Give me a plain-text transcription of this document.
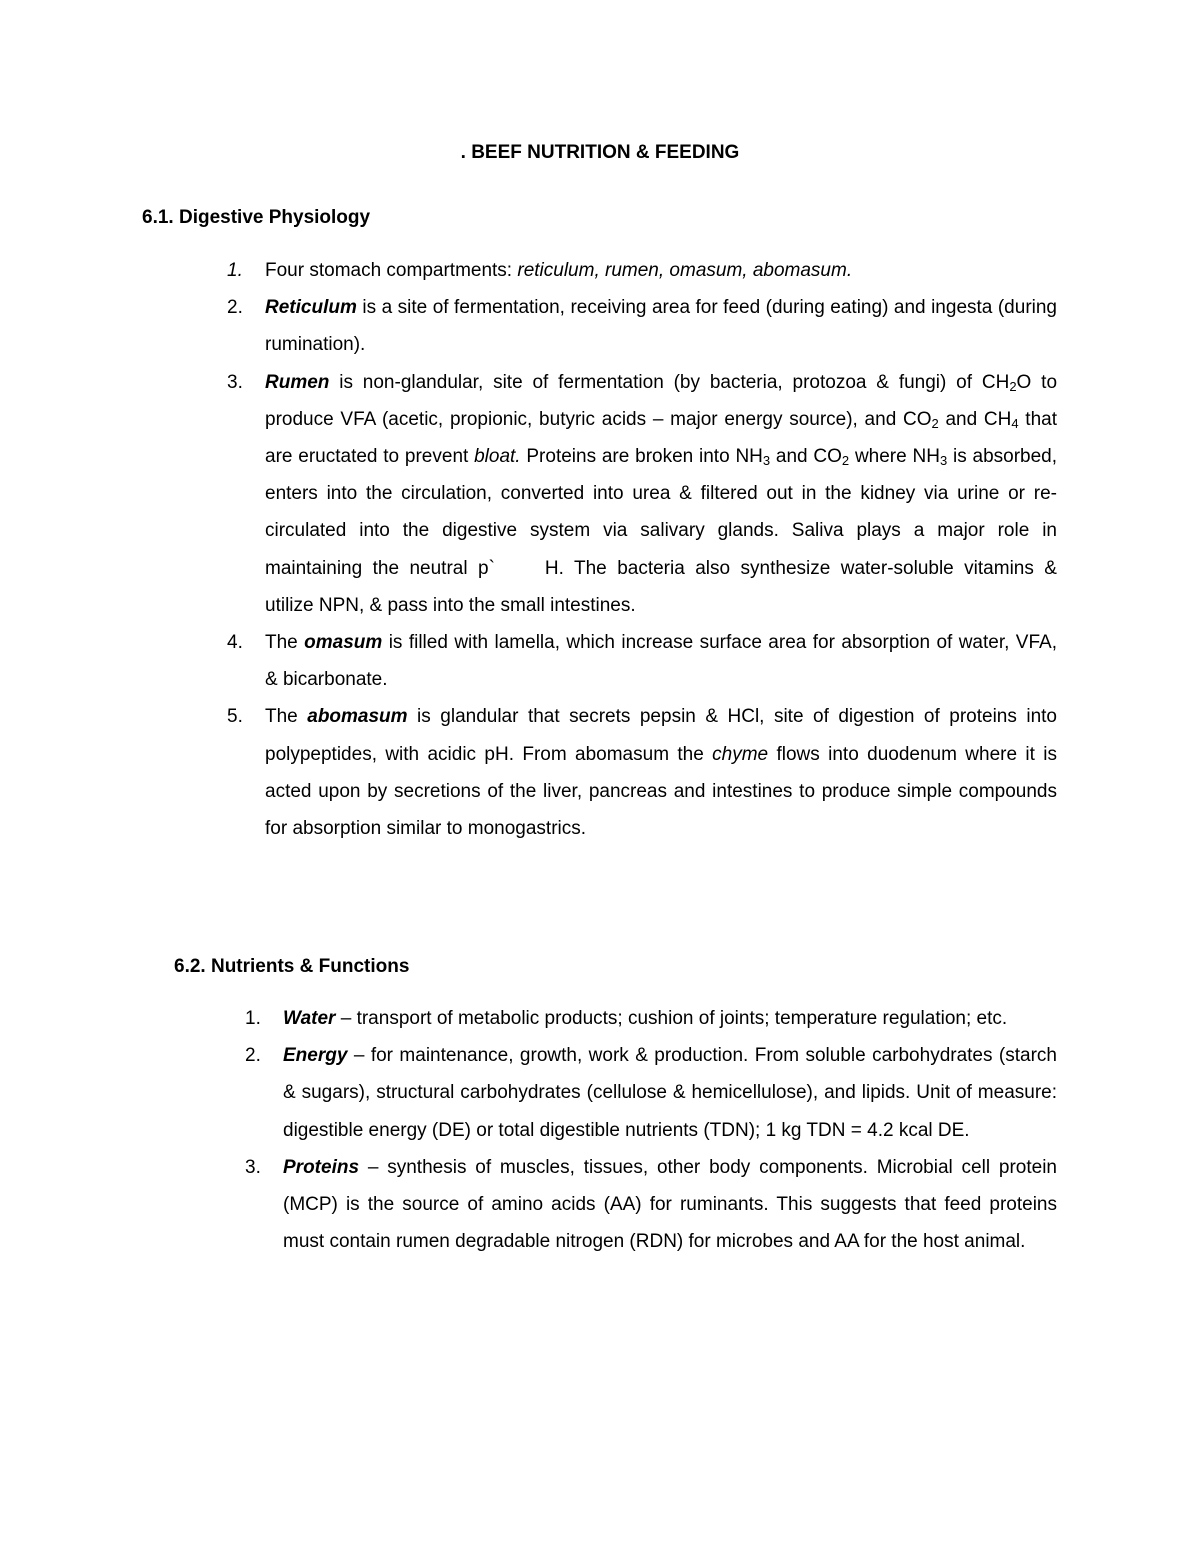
. BEEF NUTRITION & FEEDING
6.1. Digestive Physiology
1. Four stomach compartments: reticulum, rumen, omasum, abomasum.
2. Reticulum is a site of fermentation, receiving area for feed (during eating) and ingesta (during rumination).
3. Rumen is non-glandular, site of fermentation (by bacteria, protozoa & fungi) of $CH_2O$ to produce VFA (acetic, propionic, butyric acids – major energy source), and $CO_2$ and $CH_4$ that are eructated to prevent bloat. Proteins are broken into $NH_3$ and $CO_2$ where $NH_3$ is absorbed, enters into the circulation, converted into urea & filtered out in the kidney via urine or re-circulated into the digestive system via salivary glands. Saliva plays a major role in maintaining the neutral p`	H. The bacteria also synthesize water-soluble vitamins & utilize NPN, & pass into the small intestines.
4. The omasum is filled with lamella, which increase surface area for absorption of water, VFA, & bicarbonate.
5. The abomasum is glandular that secrets pepsin & HCl, site of digestion of proteins into polypeptides, with acidic pH. From abomasum the chyme flows into duodenum where it is acted upon by secretions of the liver, pancreas and intestines to produce simple compounds for absorption similar to monogastrics.
6.2. Nutrients & Functions
1. Water – transport of metabolic products; cushion of joints; temperature regulation; etc.
2. Energy – for maintenance, growth, work & production. From soluble carbohydrates (starch & sugars), structural carbohydrates (cellulose & hemicellulose), and lipids. Unit of measure: digestible energy (DE) or total digestible nutrients (TDN); 1 kg TDN = 4.2 kcal DE.
3. Proteins – synthesis of muscles, tissues, other body components. Microbial cell protein (MCP) is the source of amino acids (AA) for ruminants. This suggests that feed proteins must contain rumen degradable nitrogen (RDN) for microbes and AA for the host animal.
